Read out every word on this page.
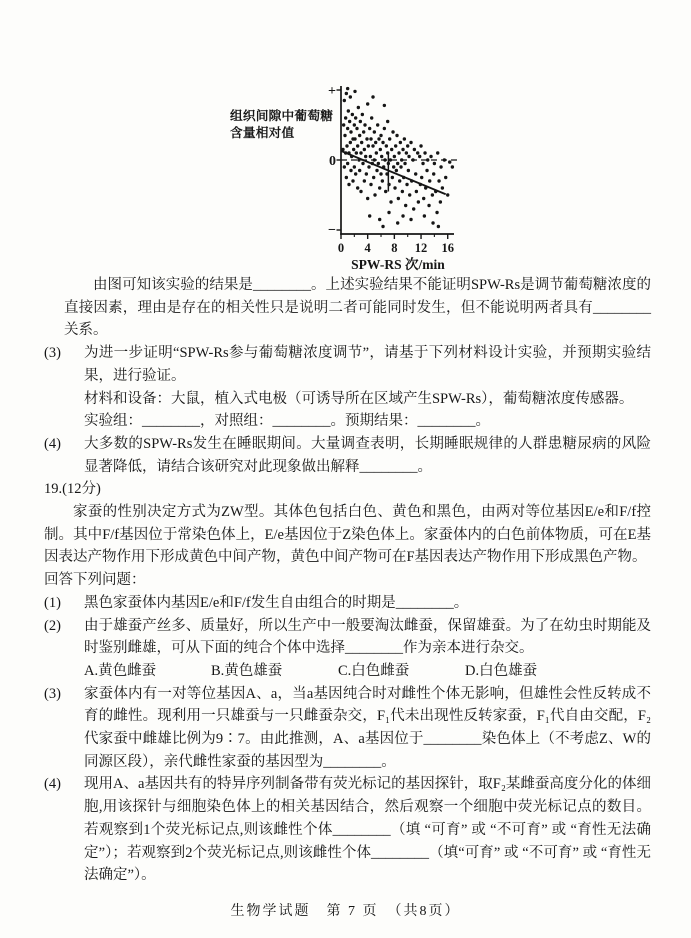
组织间隙中葡萄糖
含量相对值
+
0
−
SPW-RS 次/min
0 4 8 12 16

由图可知该实验的结果是________。上述实验结果不能证明SPW-Rs是调节葡萄糖浓度的直接因素，理由是存在的相关性只是说明二者可能同时发生，但不能说明两者具有________关系。

(3)	为进一步证明“SPW-Rs参与葡萄糖浓度调节”，请基于下列材料设计实验，并预期实验结果，进行验证。

材料和设备：大鼠，植入式电极（可诱导所在区域产生SPW-Rs），葡萄糖浓度传感器。

实验组：________，对照组：________。预期结果：________。

(4)	大多数的SPW-Rs发生在睡眠期间。大量调查表明，长期睡眠规律的人群患糖尿病的风险显著降低，请结合该研究对此现象做出解释________。

19.(12分)

家蚕的性别决定方式为ZW型。其体色包括白色、黄色和黑色，由两对等位基因E/e和F/f控制。其中F/f基因位于常染色体上，E/e基因位于Z染色体上。家蚕体内的白色前体物质，可在E基因表达产物作用下形成黄色中间产物，黄色中间产物可在F基因表达产物作用下形成黑色产物。

回答下列问题：
(1)	黑色家蚕体内基因E/e和F/f发生自由组合的时期是________。

(2)	由于雄蚕产丝多、质量好，所以生产中一般要淘汰雌蚕，保留雄蚕。为了在幼虫时期能及时鉴别雌雄，可从下面的纯合个体中选择________作为亲本进行杂交。

A.黄色雌蚕	B.黄色雄蚕	C.白色雌蚕	D.白色雄蚕
(3)	家蚕体内有一对等位基因A、a，当a基因纯合时对雌性个体无影响，但雄性会性反转成不育的雌性。现利用一只雄蚕与一只雌蚕杂交，F₁代未出现性反转家蚕，F₁代自由交配，F₂代家蚕中雌雄比例为9∶7。由此推测，A、a基因位于________染色体上（不考虑Z、W的同源区段），亲代雌性家蚕的基因型为________。

(4)	现用A、a基因共有的特异序列制备带有荧光标记的基因探针，取F₂某雌蚕高度分化的体细胞,用该探针与细胞染色体上的相关基因结合，然后观察一个细胞中荧光标记点的数目。若观察到1个荧光标记点,则该雌性个体________（填 “可育” 或 “不可育” 或 “育性无法确定”）；若观察到2个荧光标记点,则该雌性个体________（填“可育” 或 “不可育” 或 “育性无法确定”）。

生物学试题　第 7 页　（共8页）
